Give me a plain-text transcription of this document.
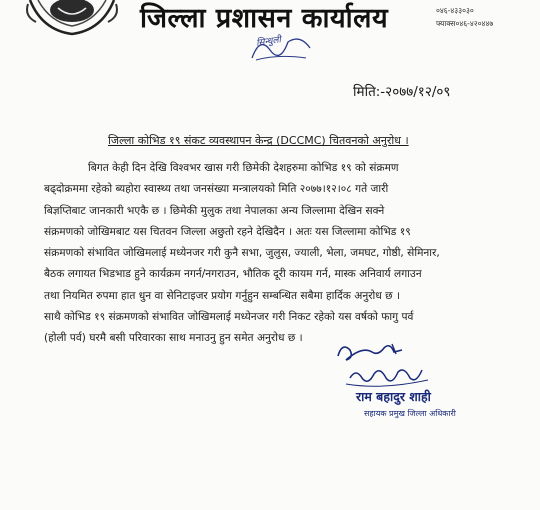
जिल्ला प्रशासन कार्यालय	०४६-४३३०३०
फ्याक्स०४६-४२०४४७
सिन्धुली
मिति:-२०७७/१२/०९
जिल्ला कोभिड १९ संकट व्यवस्थापन केन्द्र (DCCMC) चितवनको अनुरोध ।
बिगत केही दिन देखि विश्वभर खास गरी छिमेकी देशहरुमा कोभिड १९ को संक्रमण
बढ्दोक्रममा रहेको ब्यहोरा स्वास्थ्य तथा जनसंख्या मन्त्रालयको मिति २०७७।१२।०८ गते जारी
बिज्ञप्तिबाट जानकारी भएकै छ । छिमेकी मुलुक तथा नेपालका अन्य जिल्लामा देखिन सक्ने
संक्रमणको जोखिमबाट यस चितवन जिल्ला अछुतो रहने देखिदैन । अतः यस जिल्लामा कोभिड १९
संक्रमणको संभावित जोखिमलाई मध्येनजर गरी कुनै सभा, जुलुस, ज्याली, भेला, जमघट, गोष्ठी, सेमिनार,
बैठक लगायत भिडभाड हुने कार्यक्रम नगर्न/नगराउन, भौतिक दूरी कायम गर्न, मास्क अनिवार्य लगाउन
तथा नियमित रुपमा हात धुन वा सेनिटाइजर प्रयोग गर्नुहुन सम्बन्धित सबैमा हार्दिक अनुरोध छ ।
साथै कोभिड १९ संक्रमणको संभावित जोखिमलाई मध्येनजर गरी निकट रहेको यस वर्षको फागु पर्व
(होली पर्व) घरमै बसी परिवारका साथ मनाउनु हुन समेत अनुरोध छ ।
राम बहादुर शाही
सहायक प्रमुख जिल्ला अधिकारी
